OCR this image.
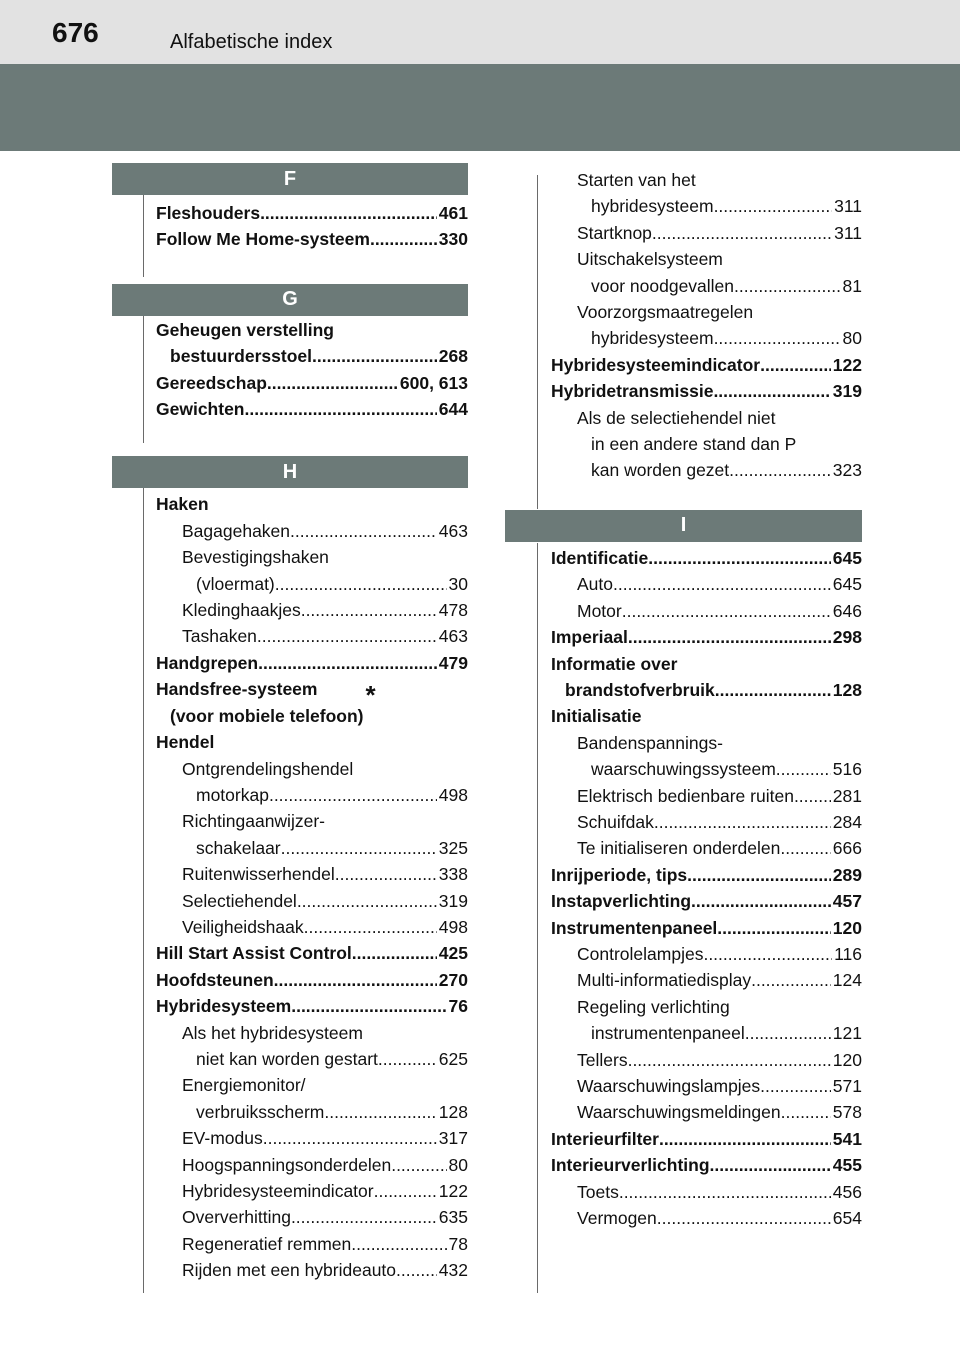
676	Alfabetische index
F
Fleshouders .....	461
Follow Me Home-systeem .....	330
G
Geheugen verstelling
bestuurdersstoel .....	268
Gereedschap .....	600, 613
Gewichten .....	644
H
Haken
Bagagehaken .....	463
Bevestigingshaken
(vloermat) .....	30
Kledinghaakjes .....	478
Tashaken .....	463
Handgrepen .....	479
Handsfree-systeem
(voor mobiele telefoon)
*
Hendel
Ontgrendelingshendel
motorkap .....	498
Richtingaanwijzer-
schakelaar .....	325
Ruitenwisserhendel .....	338
Selectiehendel .....	319
Veiligheidshaak .....	498
Hill Start Assist Control .....	425
Hoofdsteunen .....	270
Hybridesysteem .....	76
Als het hybridesysteem
niet kan worden gestart .....	625
Energiemonitor/
verbruiksscherm .....	128
EV-modus .....	317
Hoogspanningsonderdelen .....	80
Hybridesysteemindicator .....	122
Oververhitting .....	635
Regeneratief remmen .....	78
Rijden met een hybrideauto ..... 432
Starten van het
hybridesysteem .....	311
Startknop .....	311
Uitschakelsysteem
voor noodgevallen .....	81
Voorzorgsmaatregelen
hybridesysteem .....	80
Hybridesysteemindicator .....	122
Hybridetransmissie .....	319
Als de selectiehendel niet
in een andere stand dan P
kan worden gezet .....	323
I
Identificatie .....	645
Auto .....	645
Motor .....	646
Imperiaal .....	298
Informatie over
brandstofverbruik .....	128
Initialisatie
Bandenspannings-
waarschuwingssysteem .....	516
Elektrisch bedienbare ruiten ..... 281
Schuifdak .....	284
Te initialiseren onderdelen .....	666
Inrijperiode, tips .....	289
Instapverlichting .....	457
Instrumentenpaneel .....	120
Controlelampjes .....	116
Multi-informatiedisplay .....	124
Regeling verlichting
instrumentenpaneel .....	121
Tellers .....	120
Waarschuwingslampjes .....	571
Waarschuwingsmeldingen .....	578
Interieurfilter .....	541
Interieurverlichting .....	455
Toets .....	456
Vermogen .....	654
